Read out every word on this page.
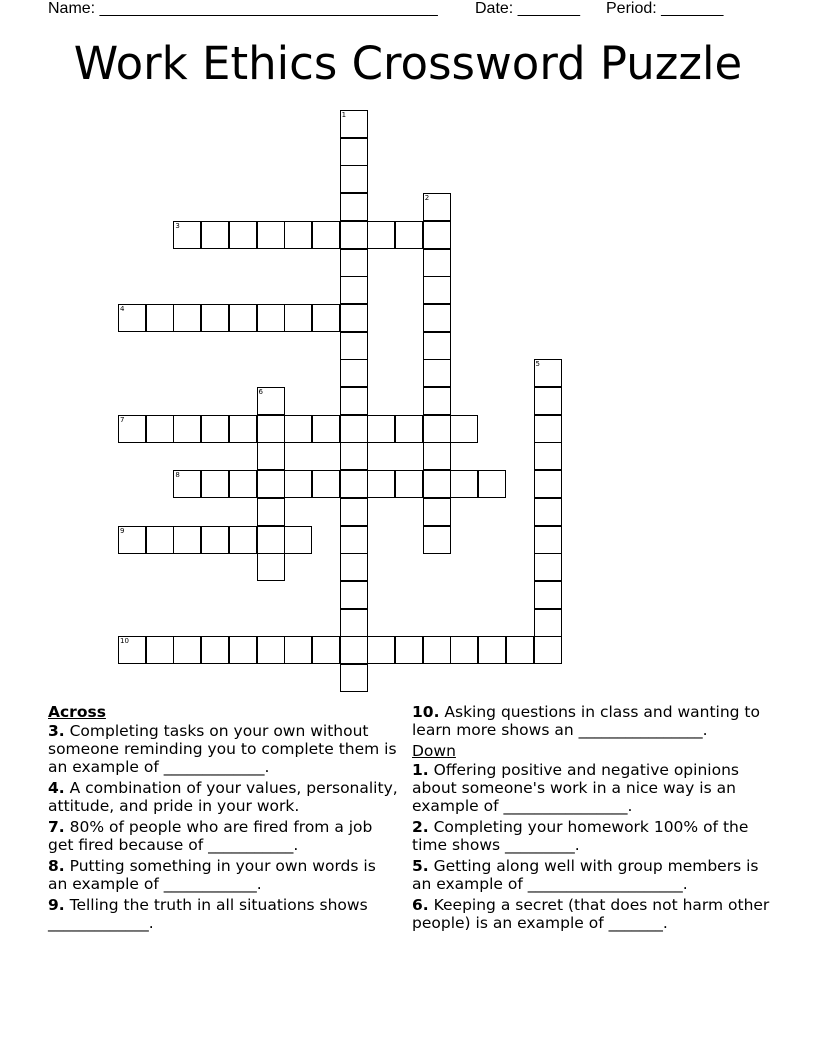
Name: ______________________________________ Date: _______ Period: _______
Work Ethics Crossword Puzzle
1
2
3
4
5
6
7
8
9
10
Across
3. Completing tasks on your own without someone reminding you to complete them is an example of _____________.
4. A combination of your values, personality, attitude, and pride in your work.
7. 80% of people who are fired from a job get fired because of ___________.
8. Putting something in your own words is an example of ____________.
9. Telling the truth in all situations shows _____________.
10. Asking questions in class and wanting to learn more shows an ________________.
Down
1. Offering positive and negative opinions about someone's work in a nice way is an example of ________________.
2. Completing your homework 100% of the time shows _________.
5. Getting along well with group members is an example of ____________________.
6. Keeping a secret (that does not harm other people) is an example of _______.
